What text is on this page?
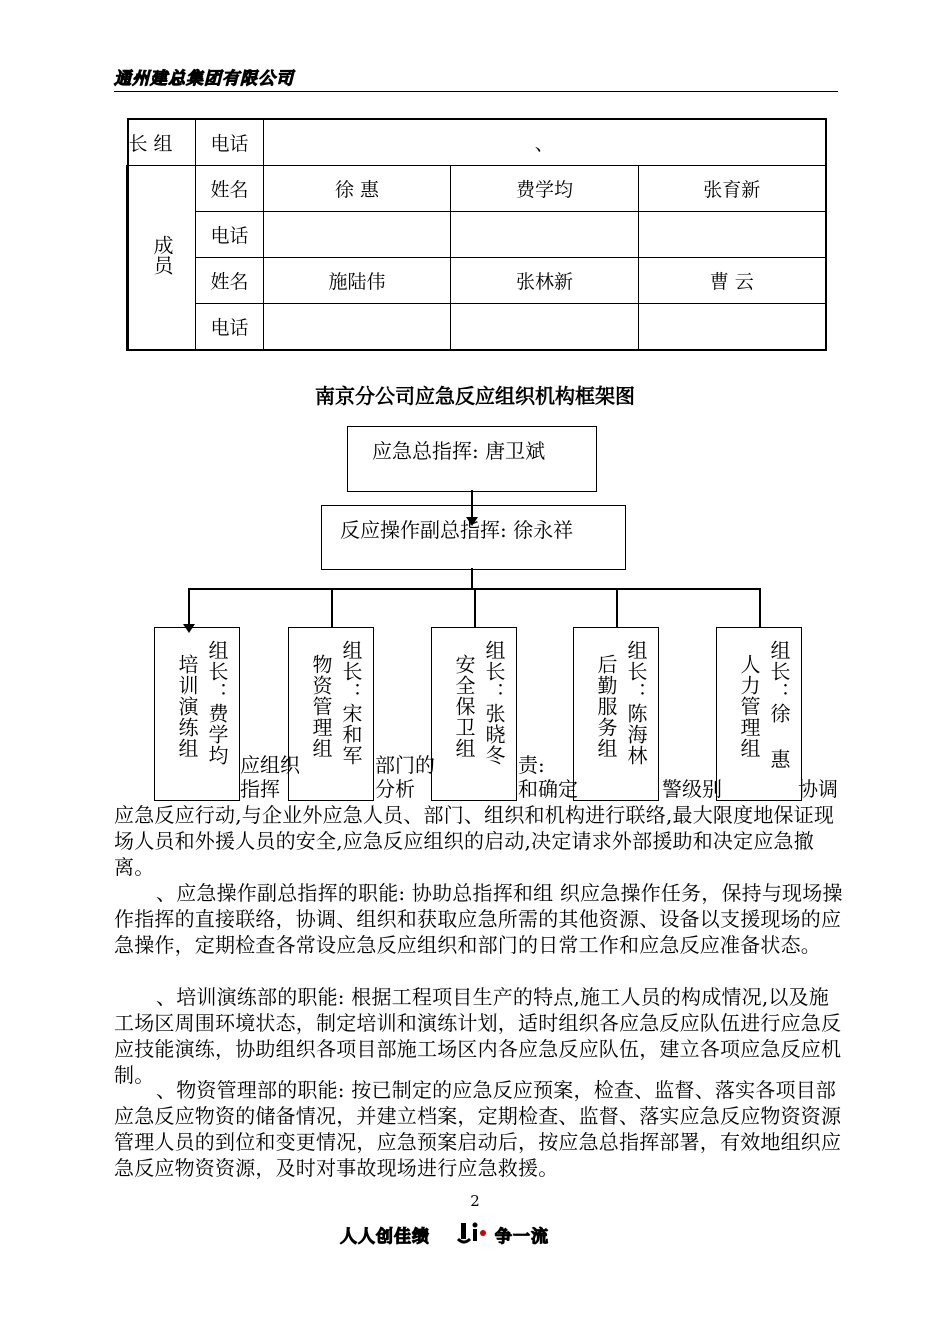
通州建总集团有限公司
长 组	电话	、		
成员	姓名	徐 惠	费学均	张育新
	电话			
	姓名	施陆伟	张林新	曹 云
	电话			
南京分公司应急反应组织机构框架图
应急总指挥: 唐卫斌
反应操作副总指挥: 徐永祥
组长：费学均
培训演练组	组长：宋和军
物资管理组	组长：张晓冬
安全保卫组	组长：陈海林
后勤服务组	组长：徐 惠
人力管理组
应组织	部门的	责:
指挥	分析	和确定	警级别	协调
应急反应行动,与企业外应急人员、部门、组织和机构进行联络,最大限度地保证现场人员和外援人员的安全,应急反应组织的启动,决定请求外部援助和决定应急撤离。
、应急操作副总指挥的职能: 协助总指挥和组 织应急操作任务，保持与现场操作指挥的直接联络，协调、组织和获取应急所需的其他资源、设备以支援现场的应急操作，定期检查各常设应急反应组织和部门的日常工作和应急反应准备状态。
、培训演练部的职能: 根据工程项目生产的特点,施工人员的构成情况,以及施工场区周围环境状态，制定培训和演练计划，适时组织各应急反应队伍进行应急反应技能演练，协助组织各项目部施工场区内各应急反应队伍，建立各项应急反应机制。
、物资管理部的职能: 按已制定的应急反应预案，检查、监督、落实各项目部应急反应物资的储备情况，并建立档案，定期检查、监督、落实应急反应物资资源管理人员的到位和变更情况，应急预案启动后，按应急总指挥部署，有效地组织应急反应物资资源，及时对事故现场进行应急救援。
2
人人创佳绩	争一流
